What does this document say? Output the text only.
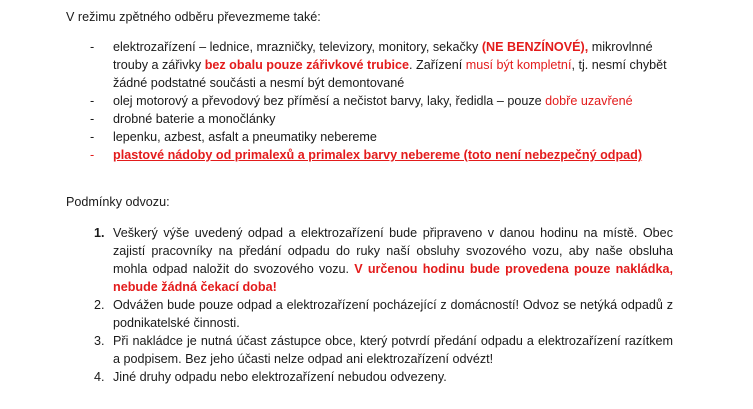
V režimu zpětného odběru převezmeme také:
- elektrozařízení – lednice, mrazničky, televizory, monitory, sekačky (NE BENZÍNOVÉ), mikrovlnné trouby a zářivky bez obalu pouze zářivkové trubice. Zařízení musí být kompletní, tj. nesmí chybět žádné podstatné součásti a nesmí být demontované
- olej motorový a převodový bez příměsí a nečistot barvy, laky, ředidla – pouze dobře uzavřené
- drobné baterie a monočlánky
- lepenku, azbest, asfalt a pneumatiky nebereme
- plastové nádoby od primalexů a primalex barvy nebereme (toto není nebezpečný odpad)
Podmínky odvozu:
1. Veškerý výše uvedený odpad a elektrozařízení bude připraveno v danou hodinu na místě. Obec zajistí pracovníky na předání odpadu do ruky naší obsluhy svozového vozu, aby naše obsluha mohla odpad naložit do svozového vozu. V určenou hodinu bude provedena pouze nakládka, nebude žádná čekací doba!
2. Odvážen bude pouze odpad a elektrozařízení pocházející z domácností! Odvoz se netýká odpadů z podnikatelské činnosti.
3. Při nakládce je nutná účast zástupce obce, který potvrdí předání odpadu a elektrozařízení razítkem a podpisem. Bez jeho účasti nelze odpad ani elektrozařízení odvézt!
4. Jiné druhy odpadu nebo elektrozařízení nebudou odvezeny.
